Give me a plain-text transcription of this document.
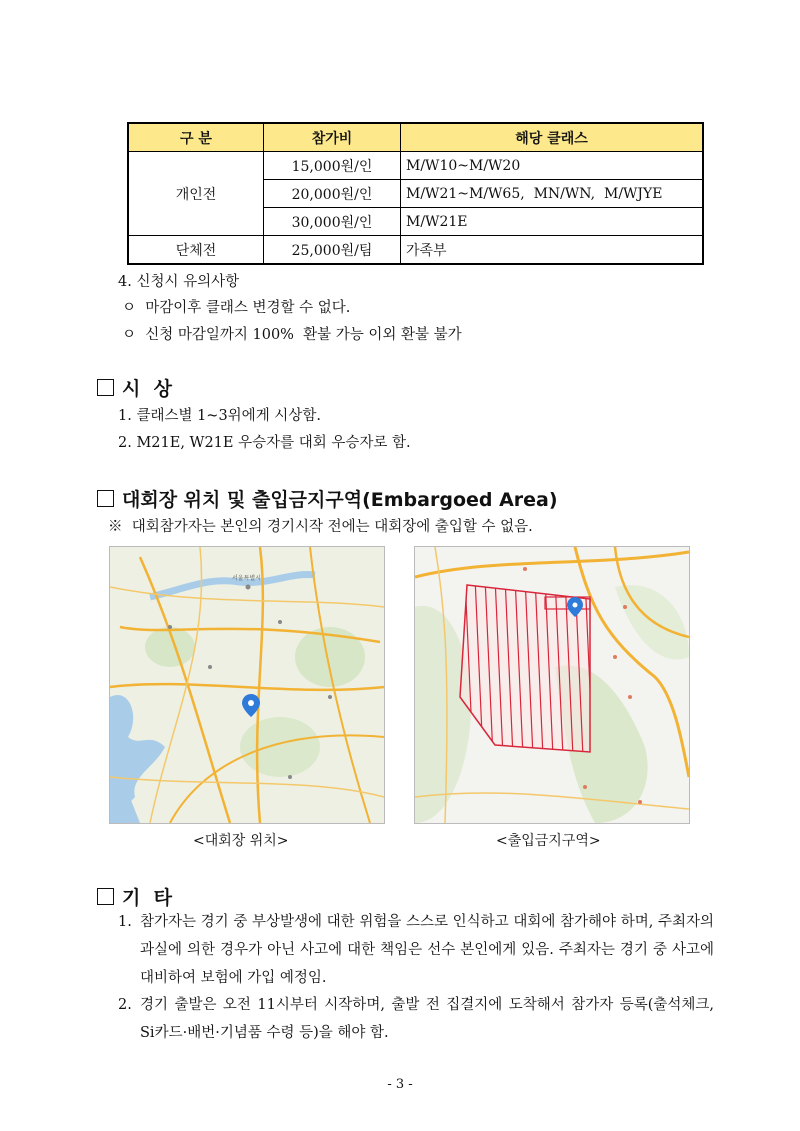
구 분	참가비	해당 클래스
개인전	15,000원/인	M/W10~M/W20
	20,000원/인	M/W21~M/W65,  MN/WN,  M/WJYE
	30,000원/인	M/W21E
단체전	25,000원/팀	가족부
4. 신청시 유의사항
ㅇ  마감이후 클래스 변경할 수 없다.
ㅇ  신청 마감일까지 100%  환불 가능 이외 환불 불가
시  상
1. 클래스별 1~3위에게 시상함.
2. M21E, W21E 우승자를 대회 우승자로 함.
대회장 위치 및 출입금지구역(Embargoed Area)
※  대회참가자는 본인의 경기시작 전에는 대회장에 출입할 수 없음.
서울특별시
<대회장 위치>	<출입금지구역>
기  타
1. 참가자는 경기 중 부상발생에 대한 위험을 스스로 인식하고 대회에 참가해야 하며, 주최자의 과실에 의한 경우가 아닌 사고에 대한 책임은 선수 본인에게 있음. 주최자는 경기 중 사고에 대비하여 보험에 가입 예정임.
2. 경기 출발은 오전 11시부터 시작하며, 출발 전 집결지에 도착해서 참가자 등록(출석체크, Si카드·배번·기념품 수령 등)을 해야 함.
- 3 -
